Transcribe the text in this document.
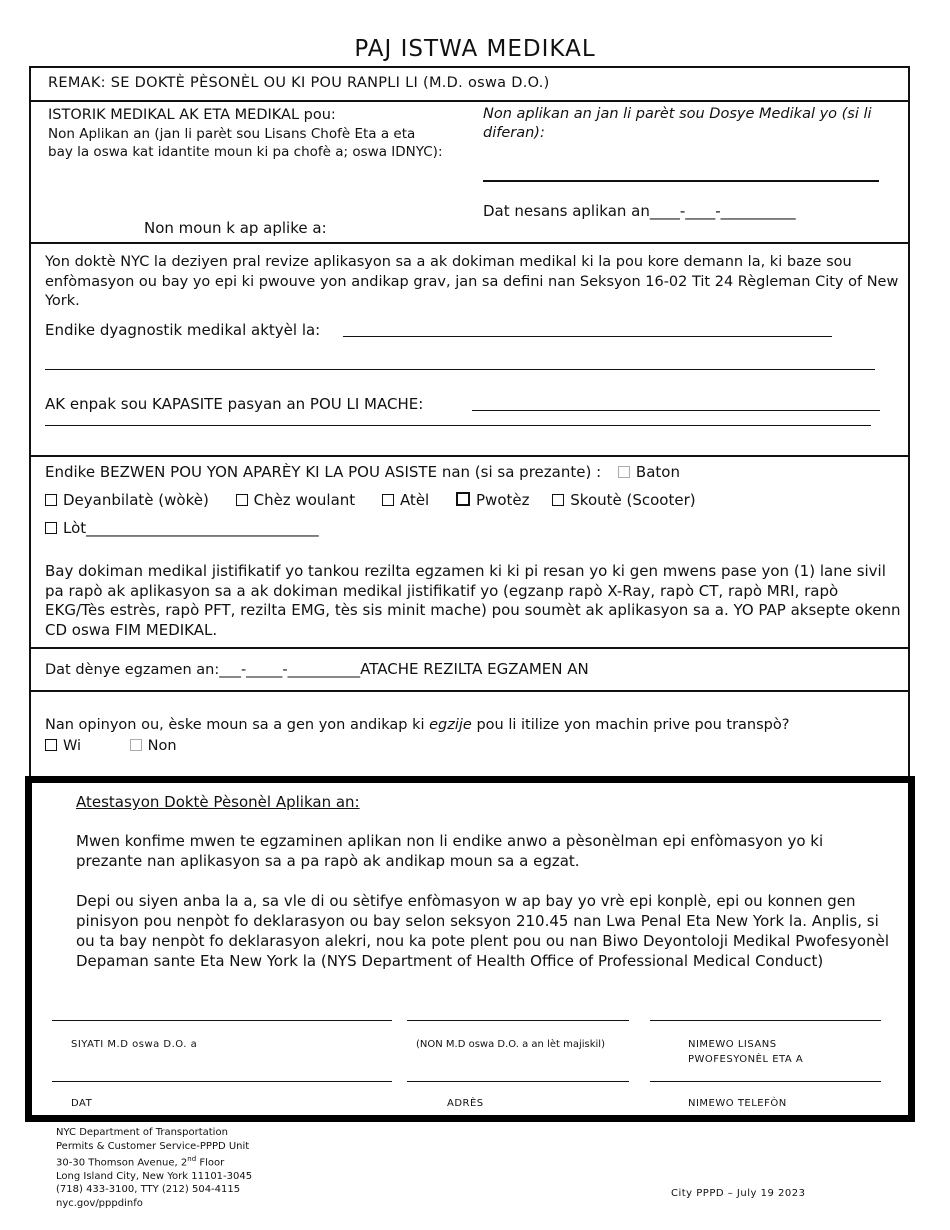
PAJ ISTWA MEDIKAL
REMAK: SE DOKTÈ PÈSONÈL OU KI POU RANPLI LI (M.D. oswa D.O.)
ISTORIK MEDIKAL AK ETA MEDIKAL pou:
Non Aplikan an (jan li parèt sou Lisans Chofè Eta a eta bay la oswa kat idantite moun ki pa chofè a; oswa IDNYC):
Non moun k ap aplike a:
Non aplikan an jan li parèt sou Dosye Medikal yo (si li diferan):
Dat nesans aplikan an____-____-__________
Yon doktè NYC la deziyen pral revize aplikasyon sa a ak dokiman medikal ki la pou kore demann la, ki baze sou enfòmasyon ou bay yo epi ki pwouve yon andikap grav, jan sa defini nan Seksyon 16-02 Tit 24 Règleman City of New York.
Endike dyagnostik medikal aktyèl la:
AK enpak sou KAPASITE pasyan an POU LI MACHE:
Endike BEZWEN POU YON APARÈY KI LA POU ASISTE nan (si sa prezante) : Baton
Deyanbilatè (wòkè)	Chèz woulant	Atèl	Pwotèz	Skoutè (Scooter)
Lòt_______________________________
Bay dokiman medikal jistifikatif yo tankou rezilta egzamen ki ki pi resan yo ki gen mwens pase yon (1) lane sivil pa rapò ak aplikasyon sa a ak dokiman medikal jistifikatif yo (egzanp rapò X-Ray, rapò CT, rapò MRI, rapò EKG/Tès estrès, rapò PFT, rezilta EMG, tès sis minit mache) pou soumèt ak aplikasyon sa a. YO PAP aksepte okenn CD oswa FIM MEDIKAL.
Dat dènye egzamen an:___-_____-__________ATACHE REZILTA EGZAMEN AN
Nan opinyon ou, èske moun sa a gen yon andikap ki egzije pou li itilize yon machin prive pou transpò?
Wi	Non
Atestasyon Doktè Pèsonèl Aplikan an:
Mwen konfime mwen te egzaminen aplikan non li endike anwo a pèsonèlman epi enfòmasyon yo ki prezante nan aplikasyon sa a pa rapò ak andikap moun sa a egzat.
Depi ou siyen anba la a, sa vle di ou sètifye enfòmasyon w ap bay yo vrè epi konplè, epi ou konnen gen pinisyon pou nenpòt fo deklarasyon ou bay selon seksyon 210.45 nan Lwa Penal Eta New York la. Anplis, si ou ta bay nenpòt fo deklarasyon alekri, nou ka pote plent pou ou nan Biwo Deyontoloji Medikal Pwofesyonèl Depaman sante Eta New York la (NYS Department of Health Office of Professional Medical Conduct)
SIYATI M.D oswa D.O. a	(NON M.D oswa D.O. a an lèt majiskil)	NIMEWO LISANS
PWOFESYONÈL ETA A
DAT	ADRÈS	NIMEWO TELEFÒN
NYC Department of Transportation
Permits & Customer Service-PPPD Unit
30-30 Thomson Avenue, 2nd Floor
Long Island City, New York 11101-3045
(718) 433-3100, TTY (212) 504-4115
nyc.gov/pppdinfo
City PPPD – July 19 2023
